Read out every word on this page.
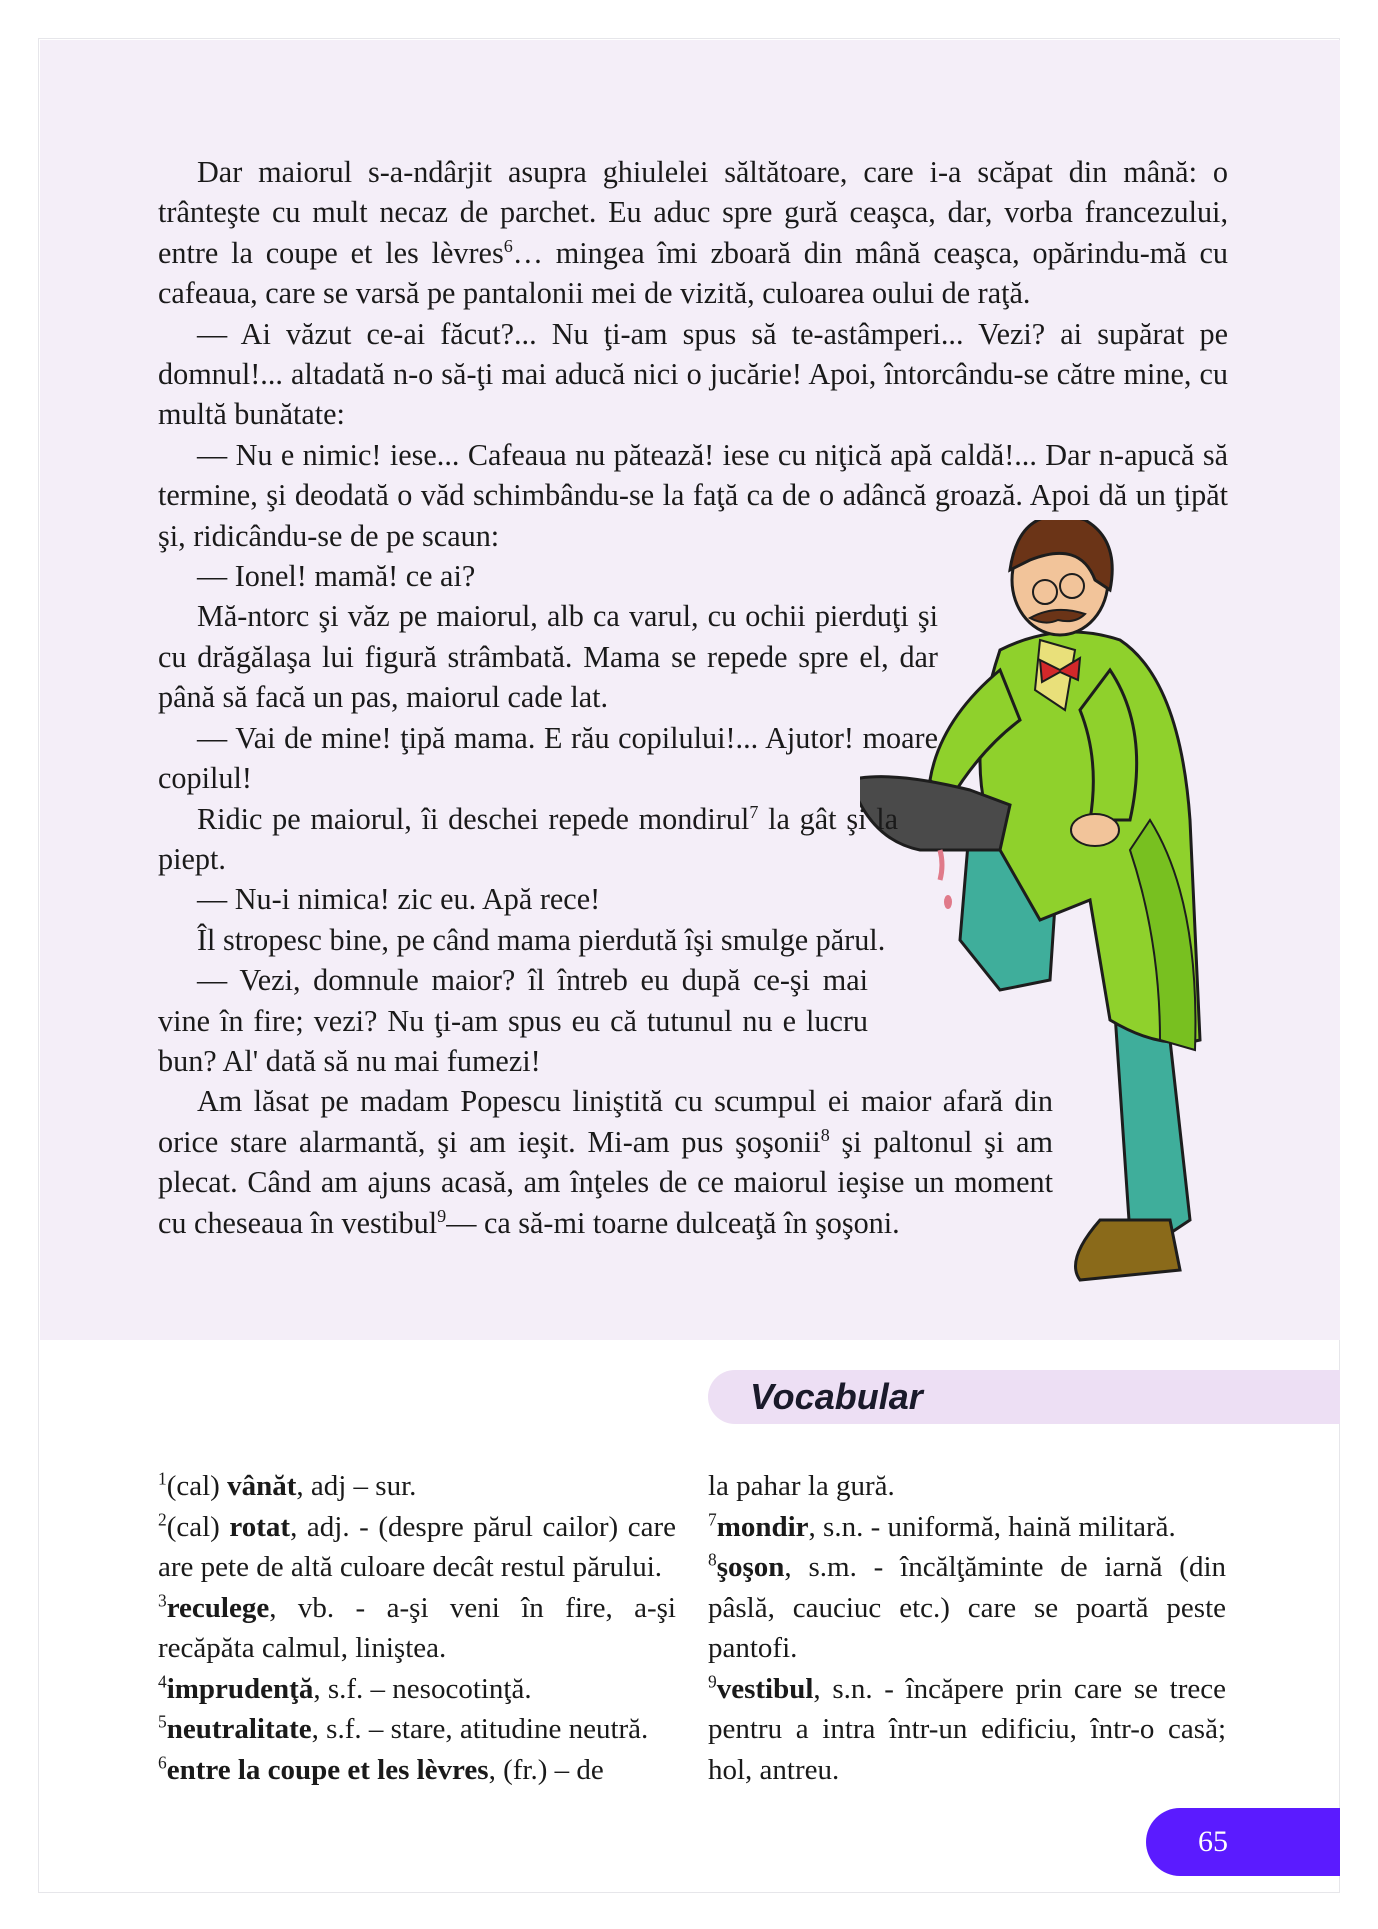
Dar maiorul s-a-ndârjit asupra ghiulelei săltătoare, care i-a scăpat din mână: o trânteşte cu mult necaz de parchet. Eu aduc spre gură ceaşca, dar, vorba francezului, entre la coupe et les lèvres$^6$… mingea îmi zboară din mână ceaşca, opărindu-mă cu cafeaua, care se varsă pe pantalonii mei de vizită, culoarea oului de raţă.

— Ai văzut ce-ai făcut?... Nu ţi-am spus să te-astâmperi... Vezi? ai supărat pe domnul!... altadată n-o să-ţi mai aducă nici o jucărie! Apoi, întorcându-se către mine, cu multă bunătate:

— Nu e nimic! iese... Cafeaua nu pătează! iese cu niţică apă caldă!... Dar n-apucă să termine, şi deodată o văd schimbându-se la faţă ca de o adâncă groază. Apoi dă un ţipăt şi, ridicându-se de pe scaun:

— Ionel! mamă! ce ai?

Mă-ntorc şi văz pe maiorul, alb ca varul, cu ochii pierduţi şi cu drăgălaşa lui figură strâmbată. Mama se repede spre el, dar până să facă un pas, maiorul cade lat.

— Vai de mine! ţipă mama. E rău copilului!... Ajutor! moare copilul!

Ridic pe maiorul, îi deschei repede mondirul$^7$ la gât şi la piept.

— Nu-i nimica! zic eu. Apă rece!

Îl stropesc bine, pe când mama pierdută îşi smulge părul.

— Vezi, domnule maior? îl întreb eu după ce-şi mai vine în fire; vezi? Nu ţi-am spus eu că tutunul nu e lucru bun? Al' dată să nu mai fumezi!

Am lăsat pe madam Popescu liniştită cu scumpul ei maior afară din orice stare alarmantă, şi am ieşit. Mi-am pus şoşonii$^8$ şi paltonul şi am plecat. Când am ajuns acasă, am înţeles de ce maiorul ieşise un moment cu cheseaua în vestibul$^9$— ca să-mi toarne dulceaţă în şoşoni.

Vocabular

$^1$(cal) vânăt, adj – sur.

$^2$(cal) rotat, adj. - (despre părul cailor) care are pete de altă culoare decât restul părului.

$^3$reculege, vb. - a-şi veni în fire, a-şi recăpăta calmul, liniştea.

$^4$imprudenţă, s.f. – nesocotinţă.

$^5$neutralitate, s.f. – stare, atitudine neutră.

$^6$entre la coupe et les lèvres, (fr.) – de

la pahar la gură.

$^7$mondir, s.n. - uniformă, haină militară.

$^8$şoşon, s.m. - încălţăminte de iarnă (din pâslă, cauciuc etc.) care se poartă peste pantofi.

$^9$vestibul, s.n. - încăpere prin care se trece pentru a intra într-un edificiu, într-o casă; hol, antreu.

65
